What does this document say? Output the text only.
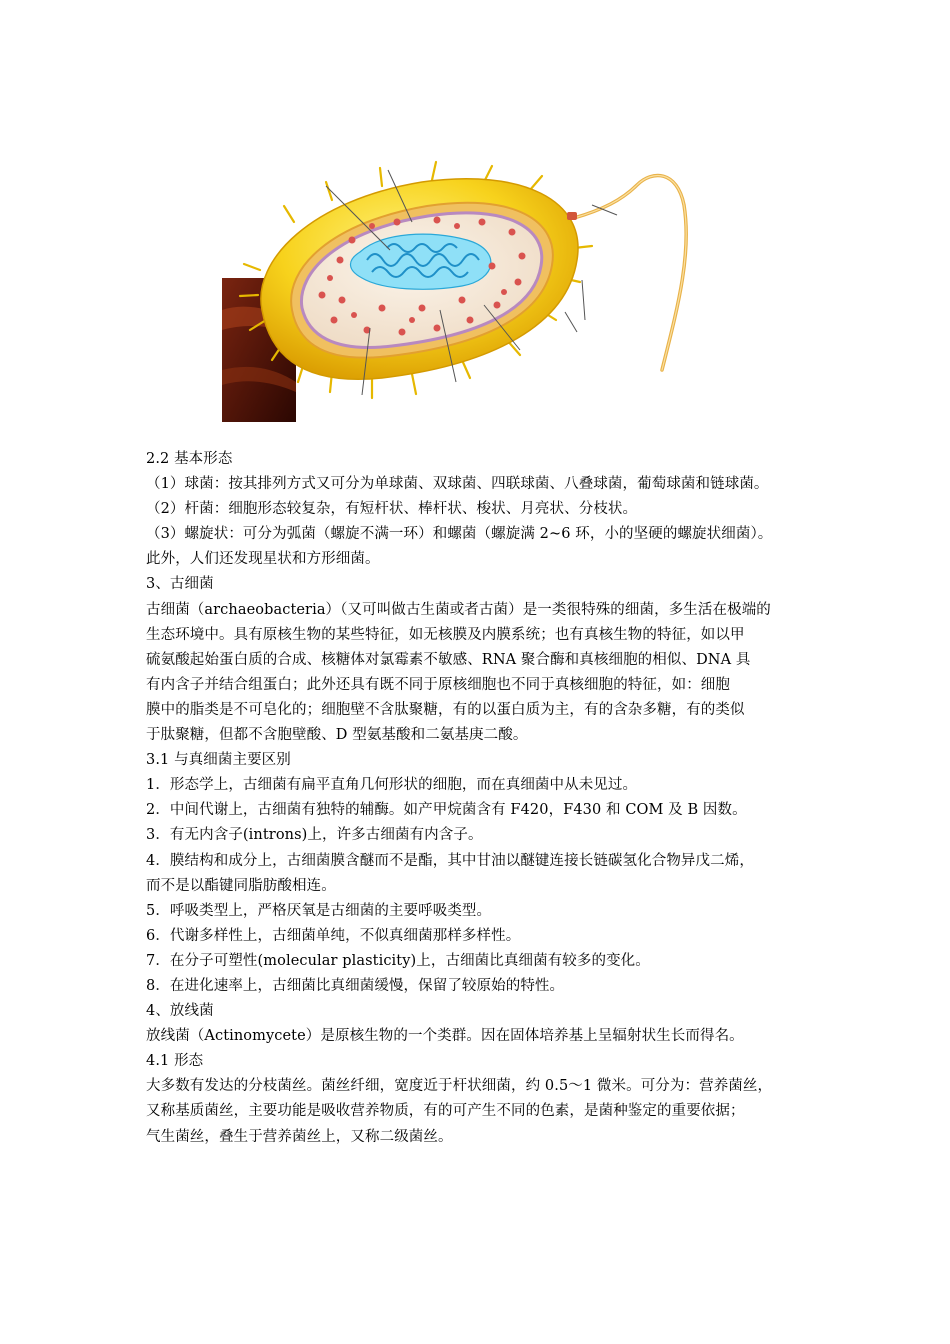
2.2 基本形态

（1）球菌：按其排列方式又可分为单球菌、双球菌、四联球菌、八叠球菌，葡萄球菌和链球菌。

（2）杆菌：细胞形态较复杂，有短杆状、棒杆状、梭状、月亮状、分枝状。

（3）螺旋状：可分为弧菌（螺旋不满一环）和螺菌（螺旋满 2~6 环，小的坚硬的螺旋状细菌）。

此外，人们还发现星状和方形细菌。

3、古细菌

古细菌（archaeobacteria）（又可叫做古生菌或者古菌）是一类很特殊的细菌，多生活在极端的

生态环境中。具有原核生物的某些特征，如无核膜及内膜系统；也有真核生物的特征，如以甲

硫氨酸起始蛋白质的合成、核糖体对氯霉素不敏感、RNA 聚合酶和真核细胞的相似、DNA 具

有内含子并结合组蛋白；此外还具有既不同于原核细胞也不同于真核细胞的特征，如：细胞

膜中的脂类是不可皂化的；细胞壁不含肽聚糖，有的以蛋白质为主，有的含杂多糖，有的类似

于肽聚糖，但都不含胞壁酸、D 型氨基酸和二氨基庚二酸。

3.1 与真细菌主要区别

1．形态学上，古细菌有扁平直角几何形状的细胞，而在真细菌中从未见过。

2．中间代谢上，古细菌有独特的辅酶。如产甲烷菌含有 F420，F430 和 COM 及 B 因数。

3．有无内含子(introns)上，许多古细菌有内含子。

4．膜结构和成分上，古细菌膜含醚而不是酯，其中甘油以醚键连接长链碳氢化合物异戊二烯，

而不是以酯键同脂肪酸相连。

5．呼吸类型上，严格厌氧是古细菌的主要呼吸类型。

6．代谢多样性上，古细菌单纯，不似真细菌那样多样性。

7．在分子可塑性(molecular plasticity)上，古细菌比真细菌有较多的变化。

8．在进化速率上，古细菌比真细菌缓慢，保留了较原始的特性。

4、放线菌

放线菌（Actinomycete）是原核生物的一个类群。因在固体培养基上呈辐射状生长而得名。

4.1 形态

大多数有发达的分枝菌丝。菌丝纤细，宽度近于杆状细菌，约 0.5～1 微米。可分为：营养菌丝，

又称基质菌丝，主要功能是吸收营养物质，有的可产生不同的色素，是菌种鉴定的重要依据；

气生菌丝，叠生于营养菌丝上，又称二级菌丝。
